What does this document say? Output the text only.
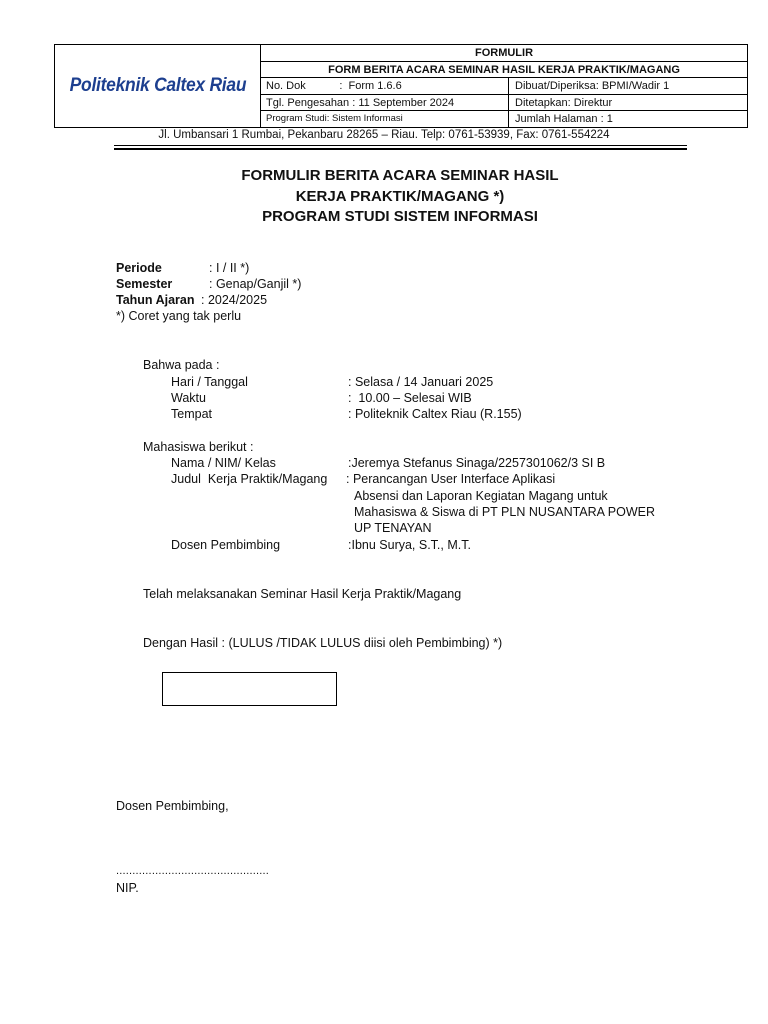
Politeknik Caltex Riau
FORMULIR
FORM BERITA ACARA SEMINAR HASIL KERJA PRAKTIK/MAGANG
No. Dok           :  Form 1.6.6	Dibuat/Diperiksa: BPMI/Wadir 1
Tgl. Pengesahan : 11 September 2024	Ditetapkan: Direktur
Program Studi: Sistem Informasi	Jumlah Halaman : 1
Jl. Umbansari 1 Rumbai, Pekanbaru 28265 – Riau. Telp: 0761-53939, Fax: 0761-554224
FORMULIR BERITA ACARA SEMINAR HASIL
KERJA PRAKTIK/MAGANG *)
PROGRAM STUDI SISTEM INFORMASI
Periode	: I / II *)
Semester	: Genap/Ganjil *)
Tahun Ajaran : 2024/2025
*) Coret yang tak perlu
Bahwa pada :
Hari / Tanggal	: Selasa / 14 Januari 2025
Waktu	:  10.00 – Selesai WIB
Tempat	: Politeknik Caltex Riau (R.155)
Mahasiswa berikut :
Nama / NIM/ Kelas	:Jeremya Stefanus Sinaga/2257301062/3 SI B
Judul  Kerja Praktik/Magang : Perancangan User Interface Aplikasi
Absensi dan Laporan Kegiatan Magang untuk
Mahasiswa & Siswa di PT PLN NUSANTARA POWER
UP TENAYAN
Dosen Pembimbing	:Ibnu Surya, S.T., M.T.
Telah melaksanakan Seminar Hasil Kerja Praktik/Magang
Dengan Hasil : (LULUS /TIDAK LULUS diisi oleh Pembimbing) *)
Dosen Pembimbing,
...............................................
NIP.
